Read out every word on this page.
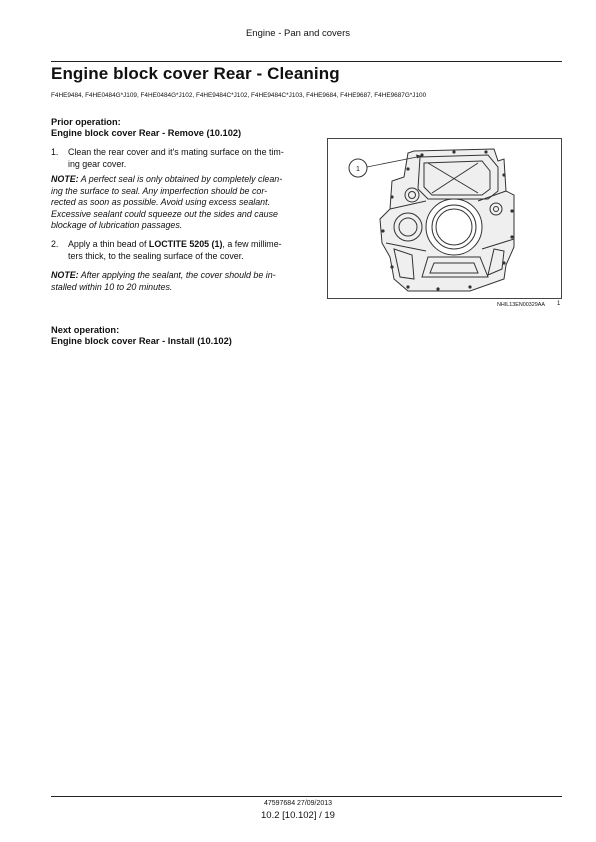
Engine - Pan and covers
Engine block cover Rear - Cleaning
F4HE9484, F4HE0484G*J109, F4HE0484G*J102, F4HE9484C*J102, F4HE9484C*J103, F4HE9684, F4HE9687, F4HE9687G*J100
Prior operation:
Engine block cover Rear - Remove (10.102)
1. Clean the rear cover and it's mating surface on the tim-
ing gear cover.
NOTE: A perfect seal is only obtained by completely clean-
ing the surface to seal. Any imperfection should be cor-
rected as soon as possible. Avoid using excess sealant.
Excessive sealant could squeeze out the sides and cause
blockage of lubrication passages.
2. Apply a thin bead of LOCTITE 5205 (1), a few millime-
ters thick, to the sealing surface of the cover.
NOTE: After applying the sealant, the cover should be in-
stalled within 10 to 20 minutes.
1
NHIL13EN00329AA 1
Next operation:
Engine block cover Rear - Install (10.102)
47597684 27/09/2013
10.2 [10.102] / 19
